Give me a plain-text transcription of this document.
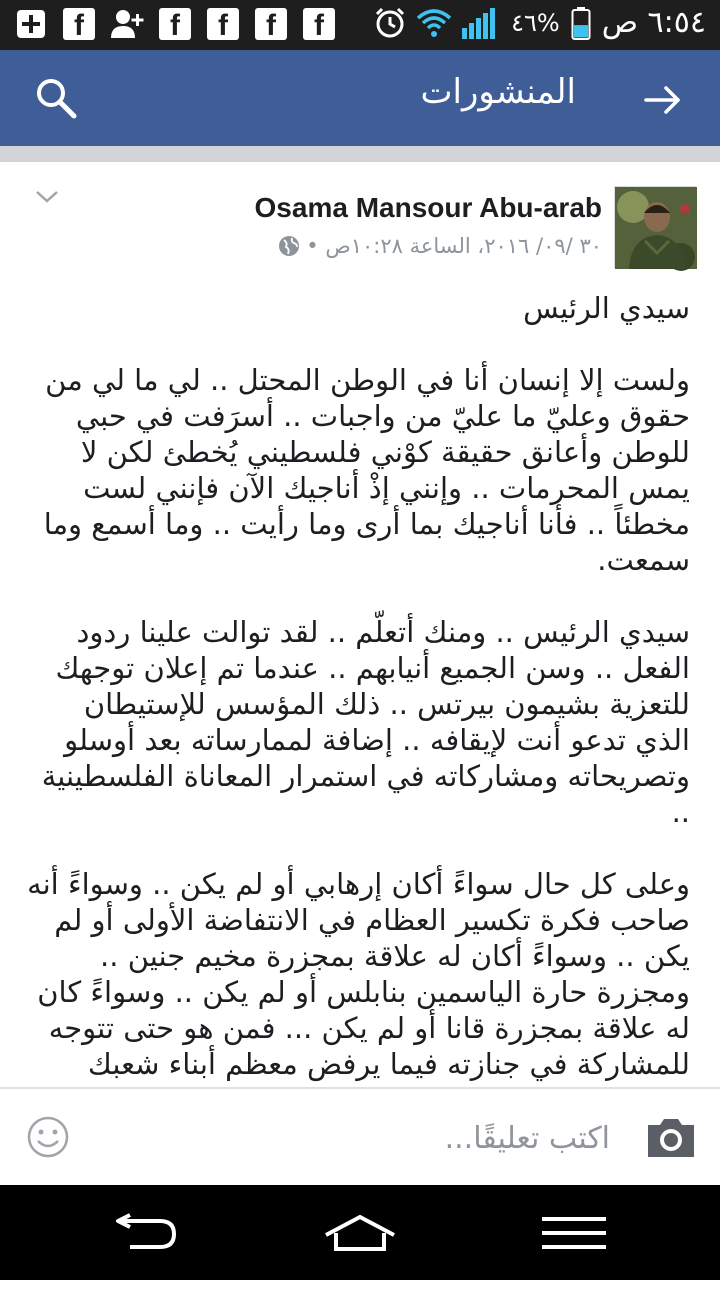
f	f	f	f	f	٤٦% ٦:٥٤ ص
المنشورات
Osama Mansour Abu-arab
٣٠ /٠٩/ ٢٠١٦، الساعة ١٠:٢٨ص •

سيدي الرئيس

ولست إلا إنسان أنا في الوطن المحتل .. لي ما لي من حقوق وعليّ ما عليّ من واجبات .. أسرَفت في حبي للوطن وأعانق حقيقة كوْني فلسطيني يُخطئ لكن لا يمس المحرمات .. وإنني إذْ أناجيك الآن فإنني لست مخطئاً .. فأنا أناجيك بما أرى وما رأيت .. وما أسمع وما سمعت.

سيدي الرئيس .. ومنك أتعلّم .. لقد توالت علينا ردود الفعل .. وسن الجميع أنيابهم .. عندما تم إعلان توجهك للتعزية بشيمون بيرتس .. ذلك المؤسس للإستيطان الذي تدعو أنت لإيقافه .. إضافة لممارساته بعد أوسلو وتصريحاته ومشاركاته في استمرار المعاناة الفلسطينية ..

وعلى كل حال سواءً أكان إرهابي أو لم يكن .. وسواءً أنه صاحب فكرة تكسير العظام في الانتفاضة الأولى أو لم يكن .. وسواءً أكان له علاقة بمجزرة مخيم جنين .. ومجزرة حارة الياسمين بنابلس أو لم يكن .. وسواءً كان له علاقة بمجزرة قانا أو لم يكن ... فمن هو حتى تتوجه للمشاركة في جنازته فيما يرفض معظم أبناء شعبك

اكتب تعليقًا...
